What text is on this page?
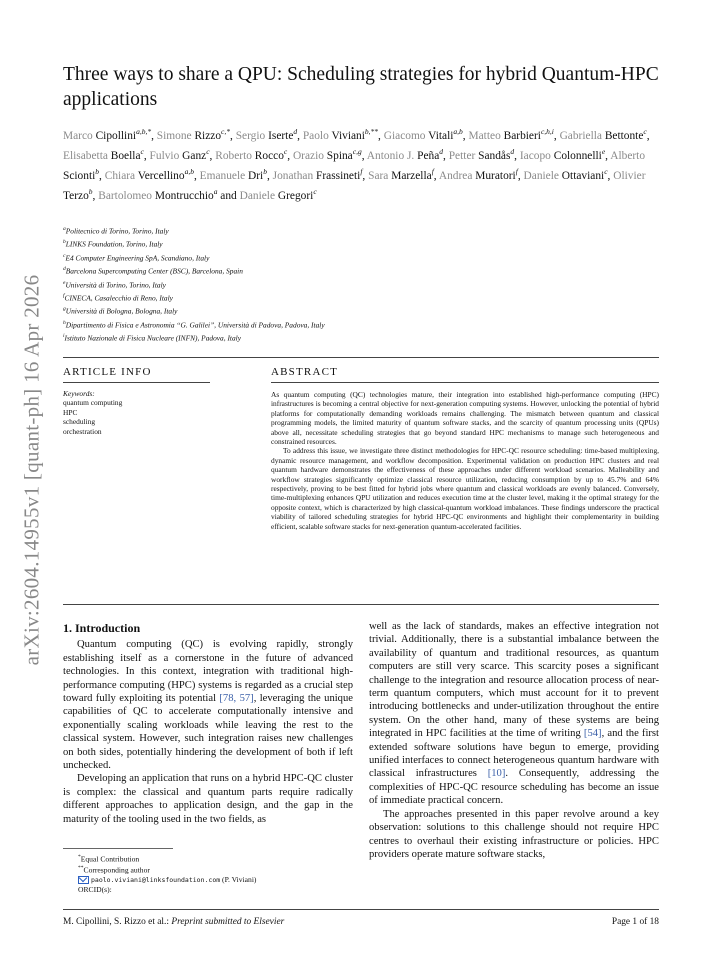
arXiv:2604.14955v1 [quant-ph] 16 Apr 2026
Three ways to share a QPU: Scheduling strategies for hybrid Quantum-HPC applications
Marco Cipollini$^{a,b,*}$, Simone Rizzo$^{c,*}$, Sergio Iserte$^d$, Paolo Viviani$^{b,**}$, Giacomo Vitali$^{a,b}$, Matteo Barbieri$^{c,h,i}$, Gabriella Bettonte$^c$, Elisabetta Boella$^c$, Fulvio Ganz$^c$, Roberto Rocco$^c$, Orazio Spina$^{c,g}$, Antonio J. Peña$^d$, Petter Sandås$^d$, Iacopo Colonnelli$^e$, Alberto Scionti$^b$, Chiara Vercellino$^{a,b}$, Emanuele Dri$^b$, Jonathan Frassineti$^f$, Sara Marzella$^f$, Andrea Muratori$^f$, Daniele Ottaviani$^c$, Olivier Terzo$^b$, Bartolomeo Montrucchio$^a$ and Daniele Gregori$^c$
$^a$Politecnico di Torino, Torino, Italy
$^b$LINKS Foundation, Torino, Italy
$^c$E4 Computer Engineering SpA, Scandiano, Italy
$^d$Barcelona Supercomputing Center (BSC), Barcelona, Spain
$^e$Università di Torino, Torino, Italy
$^f$CINECA, Casalecchio di Reno, Italy
$^g$Università di Bologna, Bologna, Italy
$^h$Dipartimento di Fisica e Astronomia “G. Galilei”, Università di Padova, Padova, Italy
$^i$Istituto Nazionale di Fisica Nucleare (INFN), Padova, Italy
ARTICLE INFO	ABSTRACT
Keywords:
quantum computing
HPC
scheduling
orchestration

As quantum computing (QC) technologies mature, their integration into established high-performance computing (HPC) infrastructures is becoming a central objective for next-generation computing systems. However, unlocking the potential of hybrid platforms for computationally demanding workloads remains challenging. The mismatch between quantum and classical programming models, the limited maturity of quantum software stacks, and the scarcity of quantum processing units (QPUs) above all, necessitate scheduling strategies that go beyond standard HPC mechanisms to manage such heterogeneous and constrained resources.

To address this issue, we investigate three distinct methodologies for HPC-QC resource scheduling: time-based multiplexing, dynamic resource management, and workflow decomposition. Experimental validation on production HPC clusters and real quantum hardware demonstrates the effectiveness of these approaches under different workload scenarios. Malleability and workflow strategies significantly optimize classical resource utilization, reducing consumption by up to 45.7% and 64% respectively, proving to be best fitted for hybrid jobs where quantum and classical workloads are evenly balanced. Conversely, time-multiplexing enhances QPU utilization and reduces execution time at the cluster level, making it the optimal strategy for the opposite context, which is characterized by high classical-quantum workload imbalances. These findings underscore the practical viability of tailored scheduling strategies for hybrid HPC-QC environments and highlight their complementarity in building efficient, scalable software stacks for next-generation quantum-accelerated facilities.

1. Introduction

Quantum computing (QC) is evolving rapidly, strongly establishing itself as a cornerstone in the future of advanced technologies. In this context, integration with traditional high-performance computing (HPC) systems is regarded as a crucial step toward fully exploiting its potential [78, 57], leveraging the unique capabilities of QC to accelerate computationally intensive and exponentially scaling workloads while leaving the rest to the classical system. However, such integration raises new challenges on both sides, potentially hindering the development of both if left unchecked.

Developing an application that runs on a hybrid HPC-QC cluster is complex: the classical and quantum parts require radically different approaches to application design, and the gap in the maturity of the tooling used in the two fields, as

well as the lack of standards, makes an effective integration not trivial. Additionally, there is a substantial imbalance between the availability of quantum and traditional resources, as quantum computers are still very scarce. This scarcity poses a significant challenge to the integration and resource allocation process of near-term quantum computers, which must account for it to prevent introducing bottlenecks and under-utilization throughout the entire system. On the other hand, many of these systems are being integrated in HPC facilities at the time of writing [54], and the first extended software solutions have begun to emerge, providing unified interfaces to connect heterogeneous quantum hardware with classical infrastructures [10]. Consequently, addressing the complexities of HPC-QC resource scheduling has become an issue of immediate practical concern.

The approaches presented in this paper revolve around a key observation: solutions to this challenge should not require HPC centres to overhaul their existing infrastructure or policies. HPC providers operate mature software stacks,

*Equal Contribution
**Corresponding author
paolo.viviani@linksfoundation.com (P. Viviani)
ORCID(s):
M. Cipollini, S. Rizzo et al.: Preprint submitted to Elsevier	Page 1 of 18
